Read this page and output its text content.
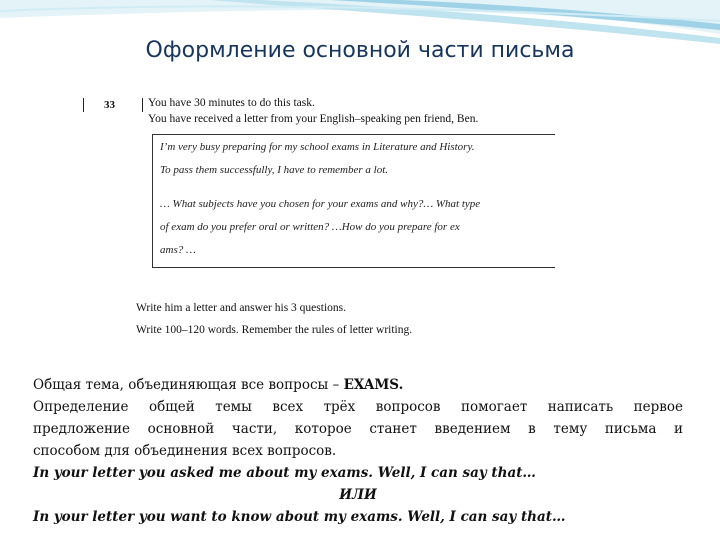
Оформление основной части письма
33	You have 30 minutes to do this task.
You have received a letter from your English–speaking pen friend, Ben.
I’m very busy preparing for my school exams in Literature and History.
To pass them successfully, I have to remember a lot.
… What subjects have you chosen for your exams and why?… What type
of exam do you prefer oral or written? …How do you prepare for ex
ams? …
Write him a letter and answer his 3 questions.
Write 100–120 words. Remember the rules of letter writing.
Общая тема, объединяющая все вопросы – EXAMS.
Определение общей темы всех трёх вопросов помогает написать первое
предложение основной части, которое станет введением в тему письма и
способом для объединения всех вопросов.
In your letter you asked me about my exams. Well, I can say that…
ИЛИ
In your letter you want to know about my exams. Well, I can say that…
